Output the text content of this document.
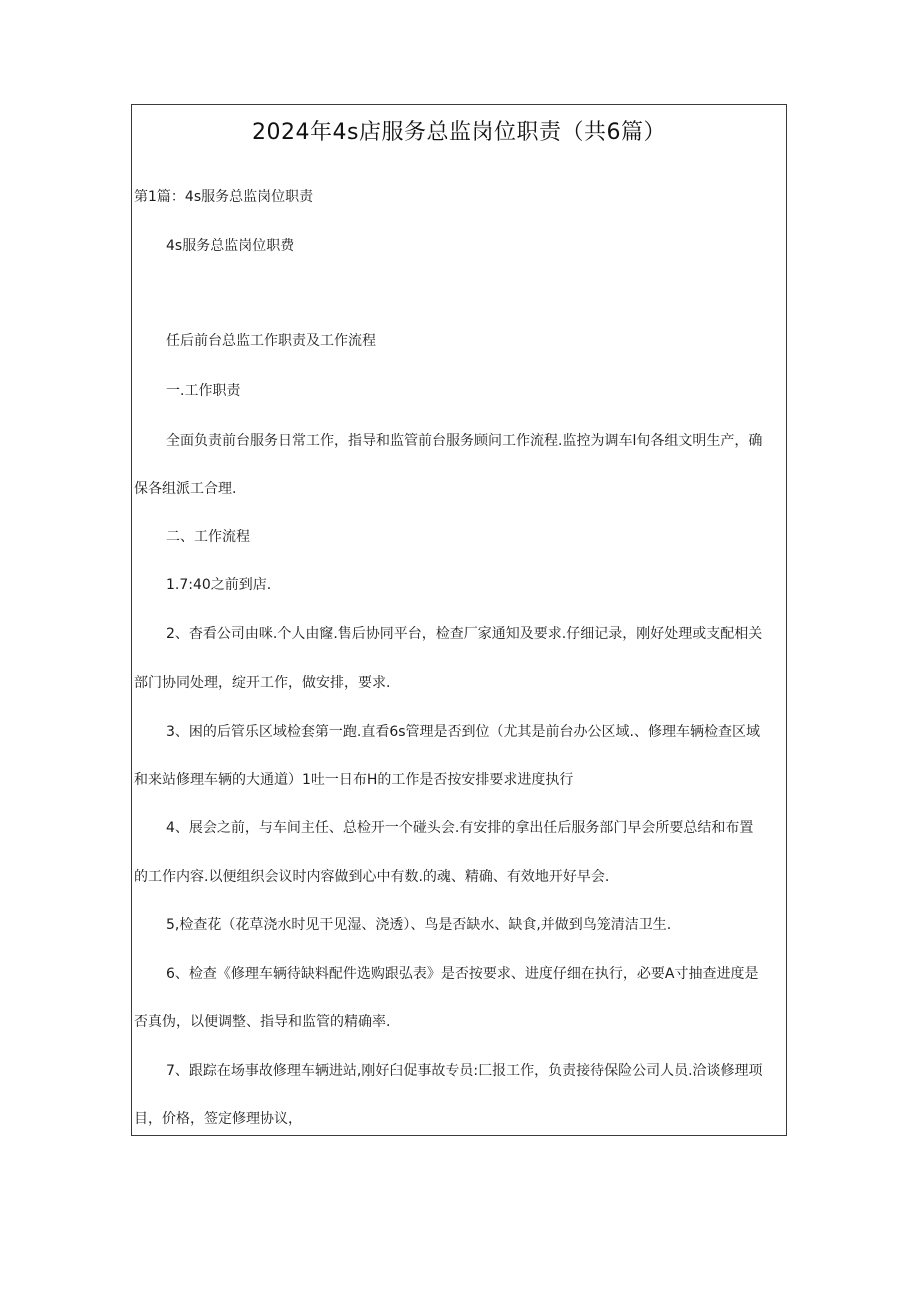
2024年4s店服务总监岗位职责（共6篇）

第1篇：4s服务总监岗位职责

4s服务总监岗位职费

任后前台总监工作职责及工作流程

一.工作职责

全面负责前台服务日常工作，指导和监管前台服务顾问工作流程.监控为调车l旬各组文明生产，确

保各组派工合理.

二、工作流程

1.7:40之前到店.

2、杳看公司由咪.个人由窿.售后协同平台，检查厂家通知及要求.仔细记录，刚好处理或支配相关

部门协同处理，绽开工作，做安排，要求.

3、困的后管乐区域检套第一跑.直看6s管理是否到位（尤其是前台办公区域.、修理车辆检查区域

和来站修理车辆的大通道）1吐一日布H的工作是否按安排要求进度执行

4、展会之前，与车间主任、总检开一个碰头会.有安排的拿出任后服务部门早会所要总结和布置

的工作内容.以便组织会议时内容做到心中有数.的魂、精确、有效地开好早会.

5,检查花（花草浇水时见干见湿、浇透）、鸟是否缺水、缺食,并做到鸟笼清洁卫生.

6、检查《修理车辆待缺料配件选购跟弘表》是否按要求、进度仔细在执行，必要A寸抽查进度是

否真伪，以便调整、指导和监管的精确率.

7、跟踪在场事故修理车辆进站,刚好臼促事故专员:匚报工作，负责接待保险公司人员.洽谈修理项

目，价格，签定修理协议，
